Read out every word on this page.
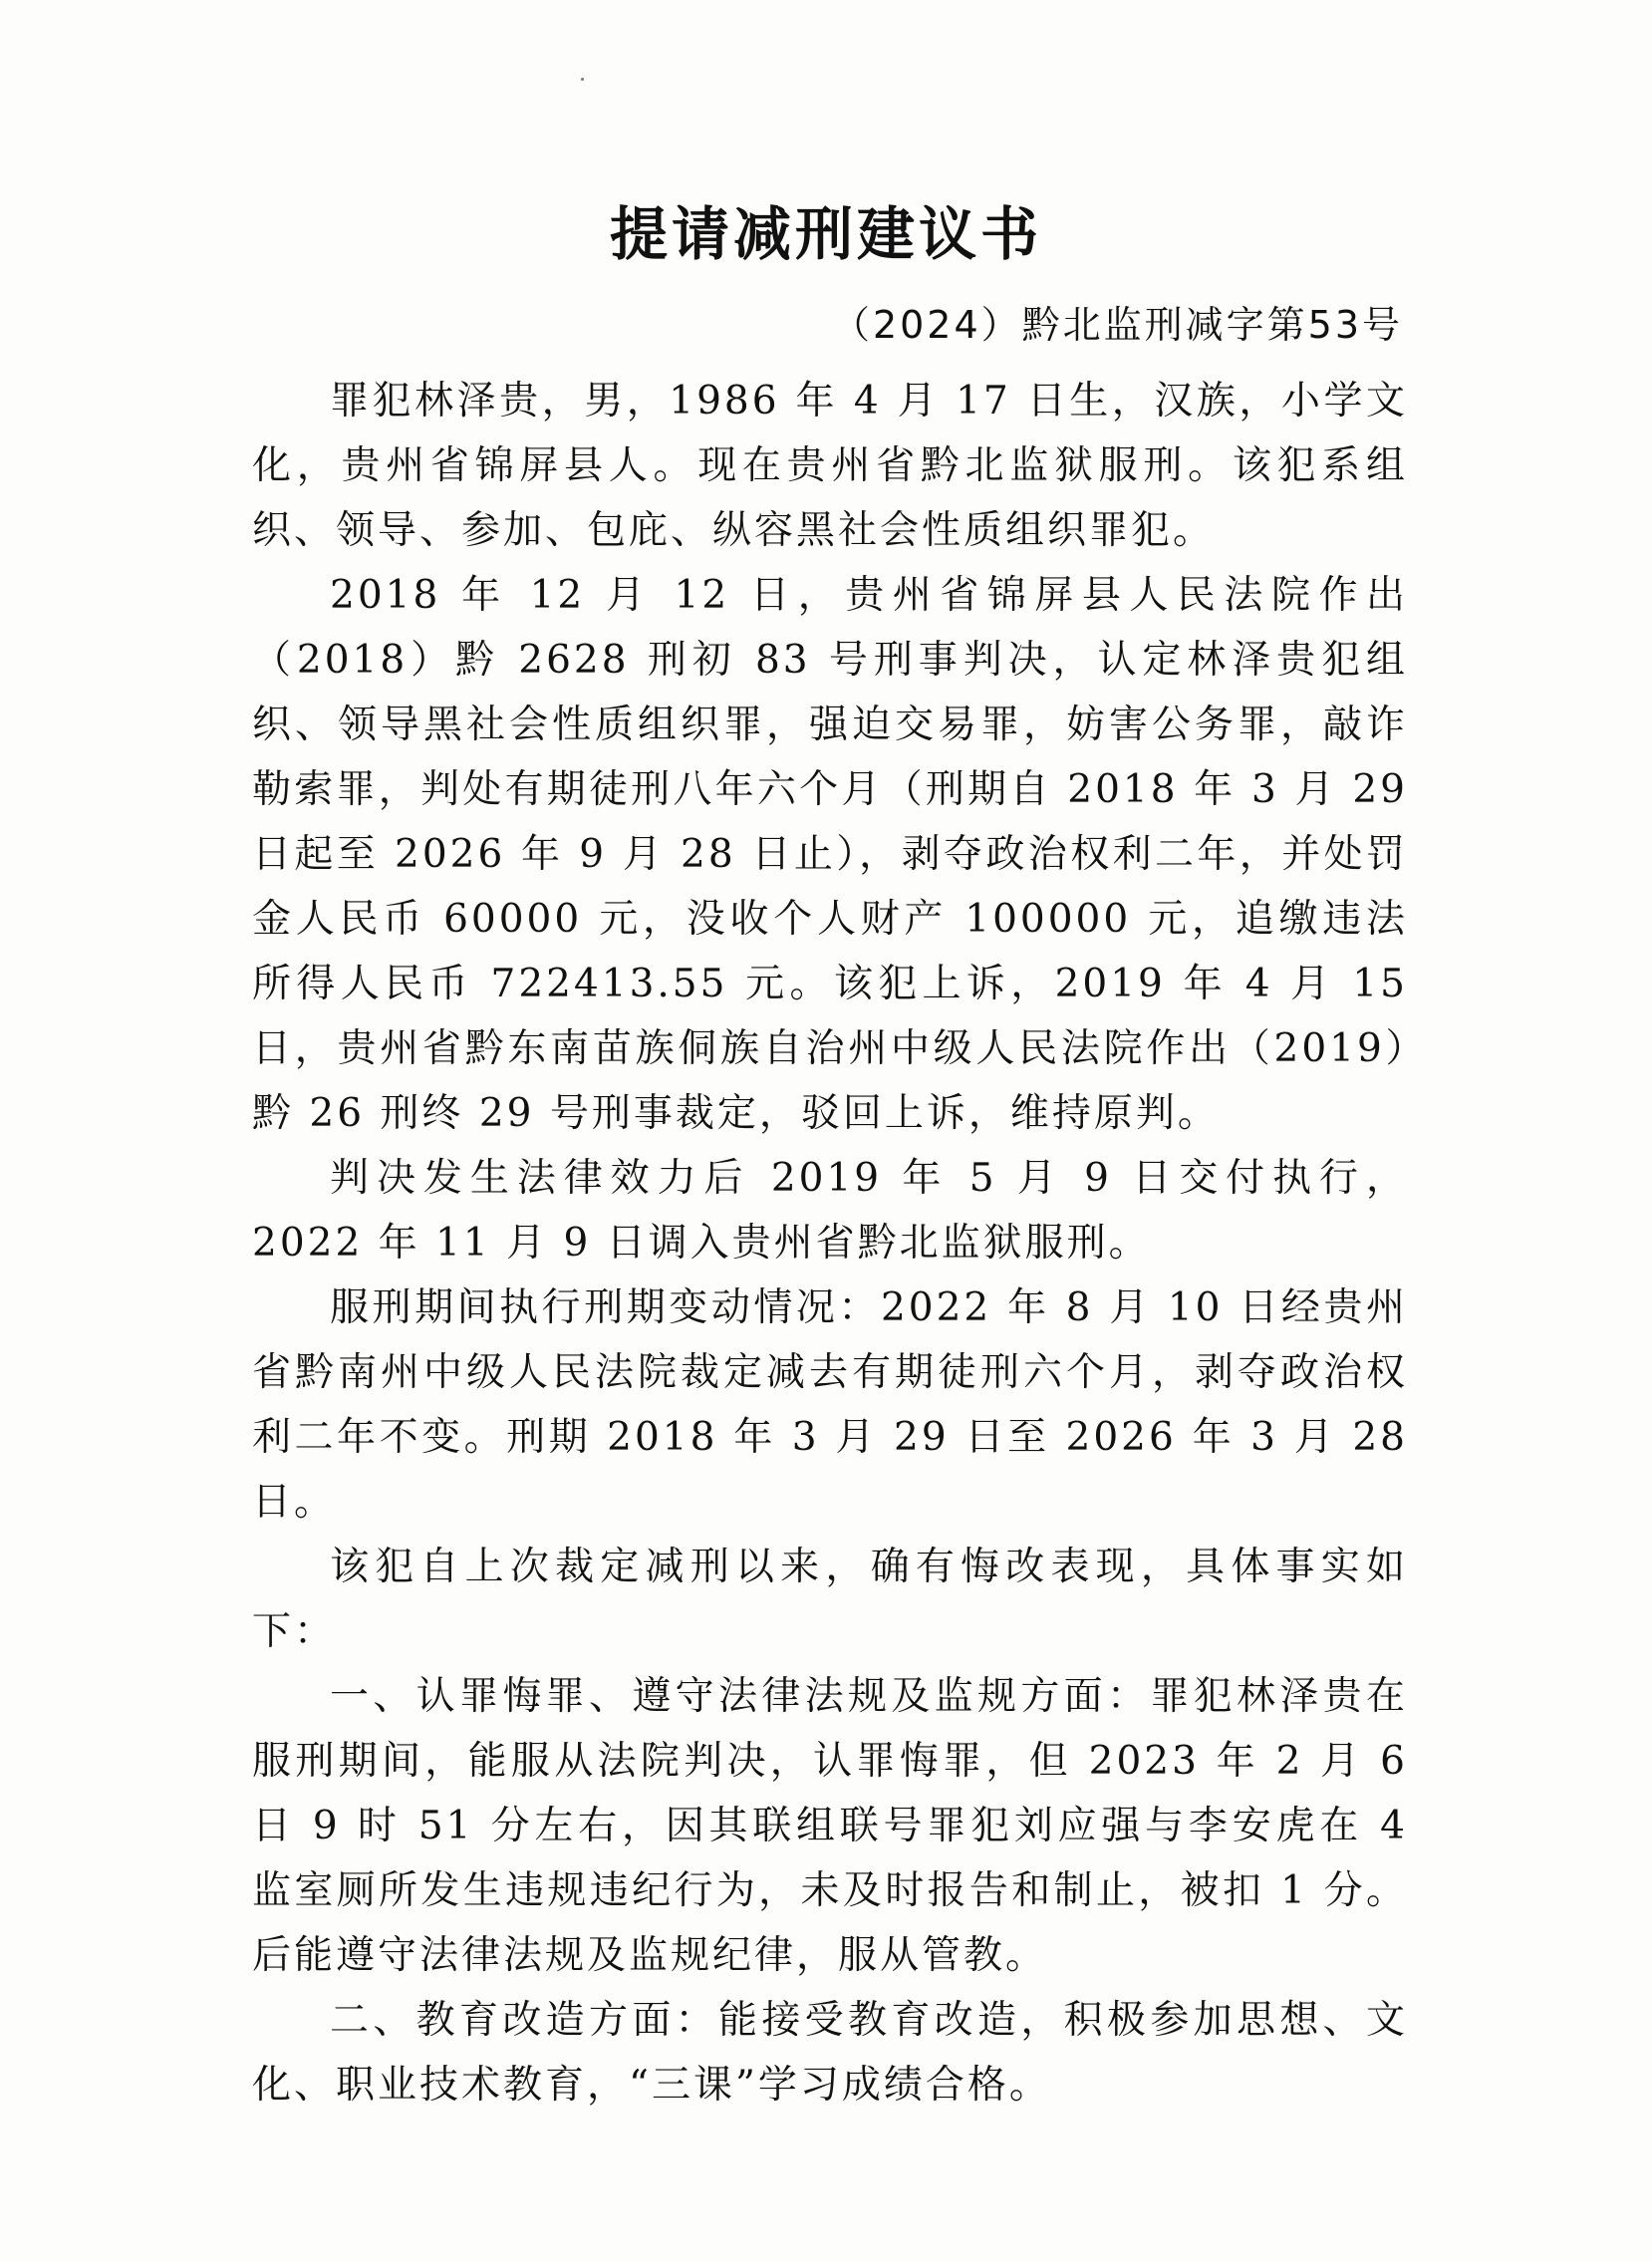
提请减刑建议书
（2024）黔北监刑减字第53号

罪犯林泽贵，男，1986 年 4 月 17 日生，汉族，小学文化，贵州省锦屏县人。现在贵州省黔北监狱服刑。该犯系组织、领导、参加、包庇、纵容黑社会性质组织罪犯。

2018 年 12 月 12 日，贵州省锦屏县人民法院作出（2018）黔 2628 刑初 83 号刑事判决，认定林泽贵犯组织、领导黑社会性质组织罪，强迫交易罪，妨害公务罪，敲诈勒索罪，判处有期徒刑八年六个月（刑期自 2018 年 3 月 29 日起至 2026 年 9 月 28 日止），剥夺政治权利二年，并处罚金人民币 60000 元，没收个人财产 100000 元，追缴违法所得人民币 722413.55 元。该犯上诉，2019 年 4 月 15 日，贵州省黔东南苗族侗族自治州中级人民法院作出（2019）黔 26 刑终 29 号刑事裁定，驳回上诉，维持原判。

判决发生法律效力后 2019 年 5 月 9 日交付执行，2022 年 11 月 9 日调入贵州省黔北监狱服刑。

服刑期间执行刑期变动情况：2022 年 8 月 10 日经贵州省黔南州中级人民法院裁定减去有期徒刑六个月，剥夺政治权利二年不变。刑期 2018 年 3 月 29 日至 2026 年 3 月 28 日。

该犯自上次裁定减刑以来，确有悔改表现，具体事实如下：

一、认罪悔罪、遵守法律法规及监规方面：罪犯林泽贵在服刑期间，能服从法院判决，认罪悔罪，但 2023 年 2 月 6 日 9 时 51 分左右，因其联组联号罪犯刘应强与李安虎在 4 监室厕所发生违规违纪行为，未及时报告和制止，被扣 1 分。后能遵守法律法规及监规纪律，服从管教。

二、教育改造方面：能接受教育改造，积极参加思想、文化、职业技术教育，“三课”学习成绩合格。
